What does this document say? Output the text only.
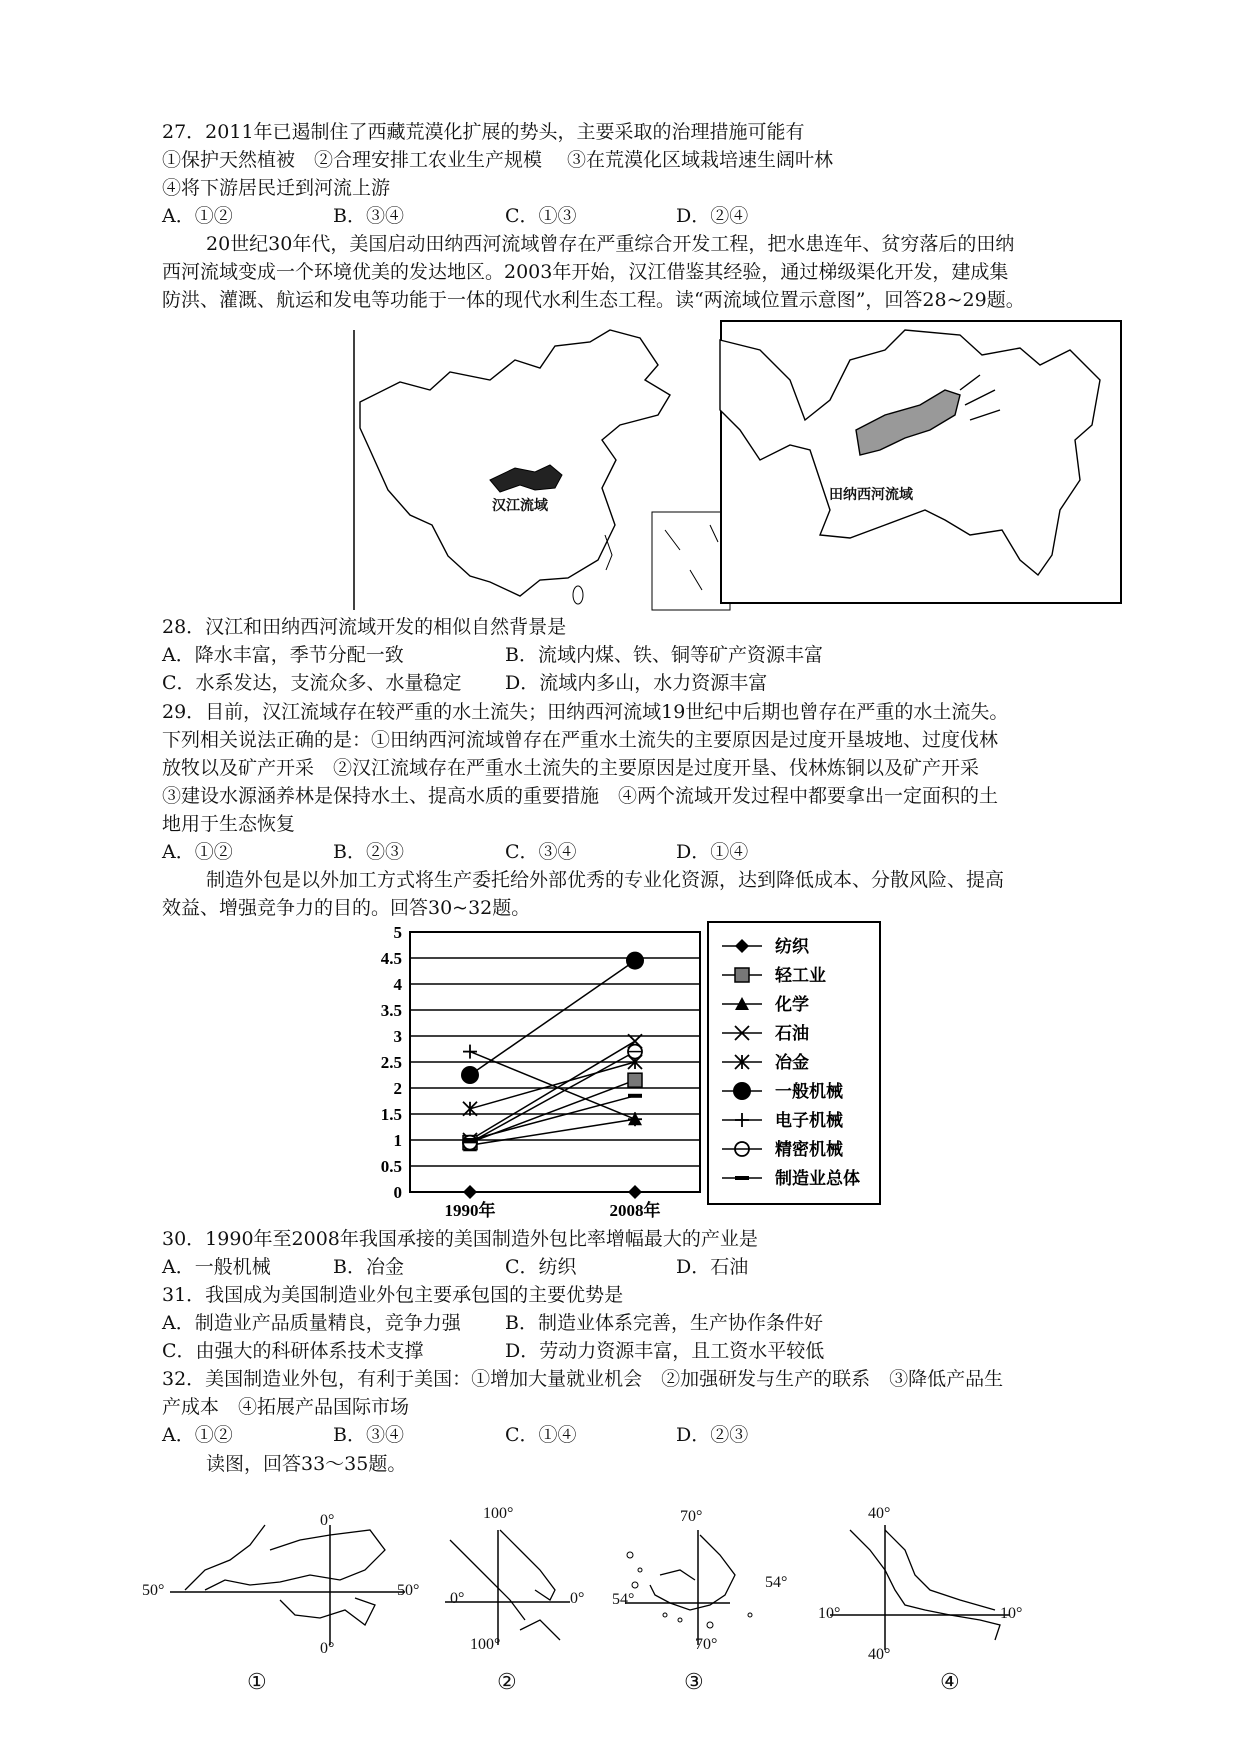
27．2011年已遏制住了西藏荒漠化扩展的势头，主要采取的治理措施可能有
①保护天然植被　②合理安排工农业生产规模　 ③在荒漠化区域栽培速生阔叶林
④将下游居民迁到河流上游
A．①②	B．③④	C．①③	D．②④
20世纪30年代，美国启动田纳西河流域曾存在严重综合开发工程，把水患连年、贫穷落后的田纳
西河流域变成一个环境优美的发达地区。2003年开始，汉江借鉴其经验，通过梯级渠化开发，建成集
防洪、灌溉、航运和发电等功能于一体的现代水利生态工程。读“两流域位置示意图”，回答28~29题。
汉江流域
田纳西河流域
28．汉江和田纳西河流域开发的相似自然背景是
A．降水丰富，季节分配一致	B．流域内煤、铁、铜等矿产资源丰富
C．水系发达，支流众多、水量稳定 D．流域内多山，水力资源丰富
29．目前，汉江流域存在较严重的水土流失；田纳西河流域19世纪中后期也曾存在严重的水土流失。
下列相关说法正确的是：①田纳西河流域曾存在严重水土流失的主要原因是过度开垦坡地、过度伐林
放牧以及矿产开采　②汉江流域存在严重水土流失的主要原因是过度开垦、伐林炼铜以及矿产开采
③建设水源涵养林是保持水土、提高水质的重要措施　④两个流域开发过程中都要拿出一定面积的土
地用于生态恢复
A．①②	B．②③	C．③④	D．①④
制造外包是以外加工方式将生产委托给外部优秀的专业化资源，达到降低成本、分散风险、提高
效益、增强竞争力的目的。回答30~32题。
0
0.5
1
1.5
2
2.5
3
3.5
4
4.5
5
1990年	2008年
纺织
轻工业
化学
石油
冶金
一般机械
电子机械
精密机械
制造业总体
30．1990年至2008年我国承接的美国制造外包比率增幅最大的产业是
A．一般机械	B．冶金	C．纺织	D．石油
31．我国成为美国制造业外包主要承包国的主要优势是
A．制造业产品质量精良，竞争力强 B．制造业体系完善，生产协作条件好
C．由强大的科研体系技术支撑	D．劳动力资源丰富，且工资水平较低
32．美国制造业外包，有利于美国：①增加大量就业机会　②加强研发与生产的联系　③降低产品生
产成本　④拓展产品国际市场
A．①②	B．③④	C．①④	D．②③
读图，回答33～35题。
0°
0°
50°	50°
①
100°
100°
0°	0°
②
70°
70°
54°
54°
③
40°
40°
10°	10°
④
